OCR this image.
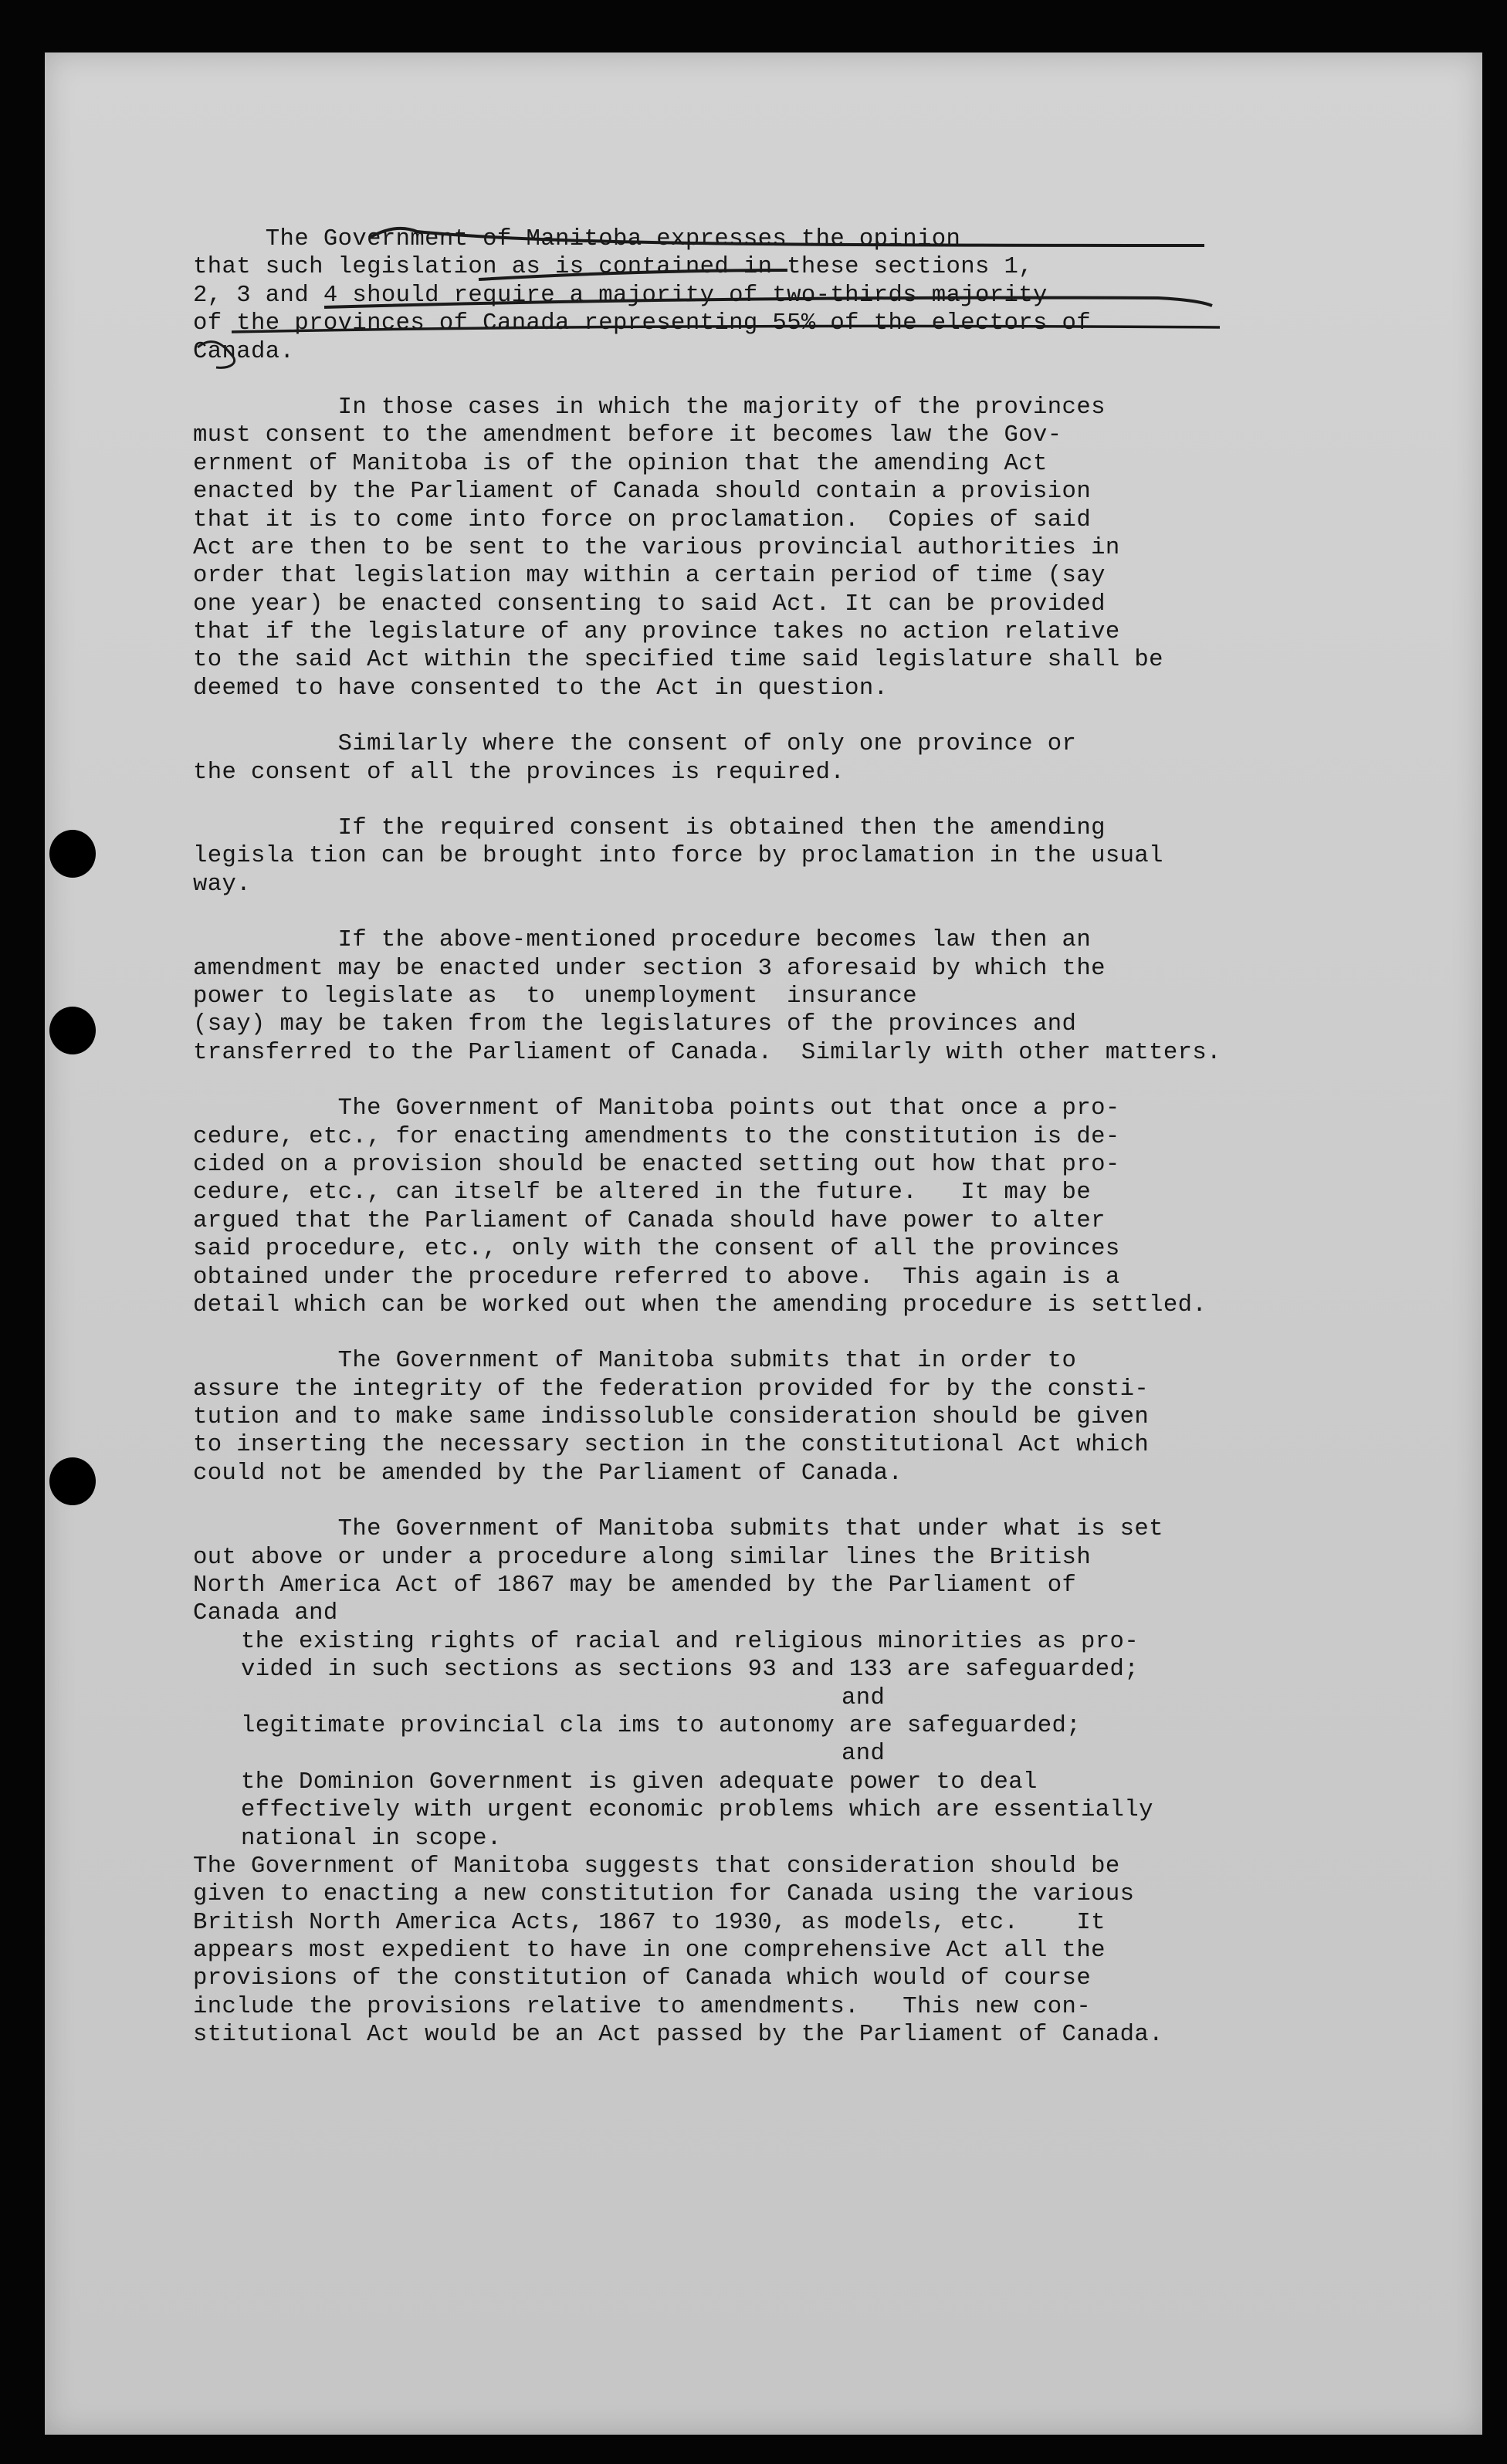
The Government of Manitoba expresses the opinion
that such legislation as is contained in these sections 1,
2, 3 and 4 should require a majority of two-thirds majority
of the provinces of Canada representing 55% of the electors of
Canada.
In those cases in which the majority of the provinces
must consent to the amendment before it becomes law the Gov-
ernment of Manitoba is of the opinion that the amending Act
enacted by the Parliament of Canada should contain a provision
that it is to come into force on proclamation.  Copies of said
Act are then to be sent to the various provincial authorities in
order that legislation may within a certain period of time (say
one year) be enacted consenting to said Act. It can be provided
that if the legislature of any province takes no action relative
to the said Act within the specified time said legislature shall be
deemed to have consented to the Act in question.
Similarly where the consent of only one province or
the consent of all the provinces is required.
If the required consent is obtained then the amending
legisla tion can be brought into force by proclamation in the usual
way.
If the above-mentioned procedure becomes law then an
amendment may be enacted under section 3 aforesaid by which the
power to legislate as  to  unemployment  insurance
(say) may be taken from the legislatures of the provinces and
transferred to the Parliament of Canada.  Similarly with other matters.
The Government of Manitoba points out that once a pro-
cedure, etc., for enacting amendments to the constitution is de-
cided on a provision should be enacted setting out how that pro-
cedure, etc., can itself be altered in the future.   It may be
argued that the Parliament of Canada should have power to alter
said procedure, etc., only with the consent of all the provinces
obtained under the procedure referred to above.  This again is a
detail which can be worked out when the amending procedure is settled.
The Government of Manitoba submits that in order to
assure the integrity of the federation provided for by the consti-
tution and to make same indissoluble consideration should be given
to inserting the necessary section in the constitutional Act which
could not be amended by the Parliament of Canada.
The Government of Manitoba submits that under what is set
out above or under a procedure along similar lines the British
North America Act of 1867 may be amended by the Parliament of
Canada and
the existing rights of racial and religious minorities as pro-
vided in such sections as sections 93 and 133 are safeguarded;
and
legitimate provincial cla ims to autonomy are safeguarded;
and
the Dominion Government is given adequate power to deal
effectively with urgent economic problems which are essentially
national in scope.
The Government of Manitoba suggests that consideration should be
given to enacting a new constitution for Canada using the various
British North America Acts, 1867 to 1930, as models, etc.    It
appears most expedient to have in one comprehensive Act all the
provisions of the constitution of Canada which would of course
include the provisions relative to amendments.   This new con-
stitutional Act would be an Act passed by the Parliament of Canada.
